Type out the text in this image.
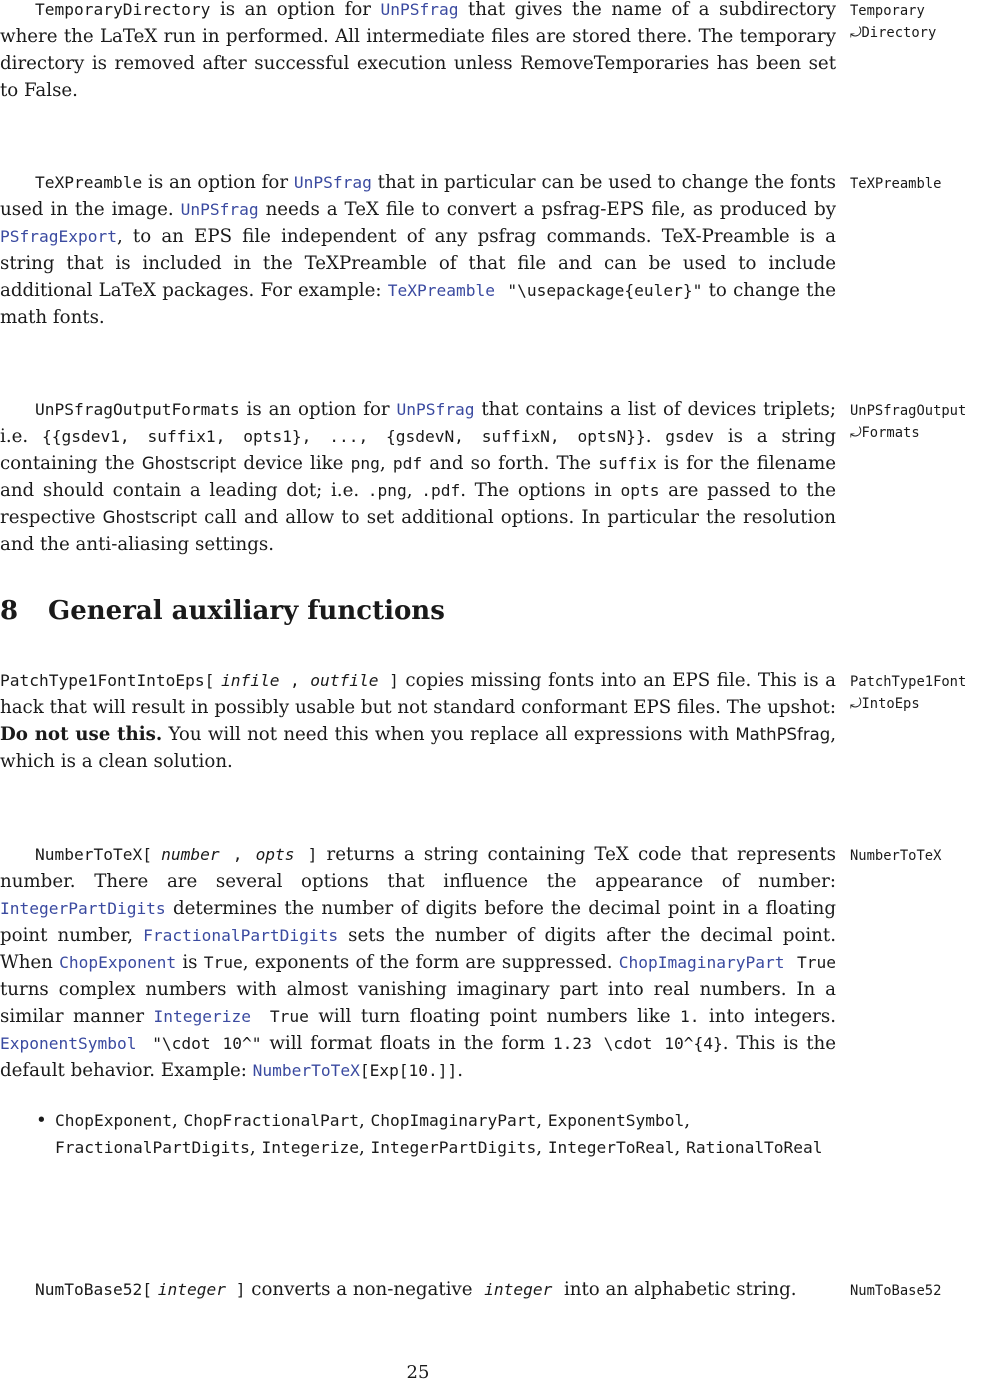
TemporaryDirectory is an option for UnPSfrag that gives the name of a subdirectory where the LaTeX run in performed. All intermediate files are stored there. The temporary directory is removed after successful execution unless RemoveTemporaries has been set to False.

Temporary
⤾Directory

TeXPreamble is an option for UnPSfrag that in particular can be used to change the fonts used in the image. UnPSfrag needs a TeX file to convert a psfrag-EPS file, as produced by PSfragExport, to an EPS file independent of any psfrag commands. TeX-Preamble is a string that is included in the TeXPreamble of that file and can be used to include additional LaTeX packages. For example: TeXPreamble "\usepackage{euler}" to change the math fonts.

TeXPreamble

UnPSfragOutputFormats is an option for UnPSfrag that contains a list of devices triplets; i.e. {{gsdev1, suffix1, opts1}, ..., {gsdevN, suffixN, optsN}}. gsdev is a string containing the Ghostscript device like png, pdf and so forth. The suffix is for the filename and should contain a leading dot; i.e. .png, .pdf. The options in opts are passed to the respective Ghostscript call and allow to set additional options. In particular the resolution and the anti-aliasing settings.

UnPSfragOutput
⤾Formats
8 General auxiliary functions

PatchType1FontIntoEps[ infile , outfile ] copies missing fonts into an EPS file. This is a hack that will result in possibly usable but not standard conformant EPS files. The upshot: Do not use this. You will not need this when you replace all expressions with MathPSfrag, which is a clean solution.

PatchType1Font
⤾IntoEps

NumberToTeX[ number , opts ] returns a string containing TeX code that represents number. There are several options that influence the appearance of number: IntegerPartDigits determines the number of digits before the decimal point in a floating point number, FractionalPartDigits sets the number of digits after the decimal point. When ChopExponent is True, exponents of the form are suppressed. ChopImaginaryPart True turns complex numbers with almost vanishing imaginary part into real numbers. In a similar manner Integerize True will turn floating point numbers like 1. into integers. ExponentSymbol "\cdot 10^" will format floats in the form 1.23 \cdot 10^{4}. This is the default behavior. Example: NumberToTeX[Exp[10.]].

NumberToTeX
• ChopExponent, ChopFractionalPart, ChopImaginaryPart, ExponentSymbol, FractionalPartDigits, Integerize, IntegerPartDigits, IntegerToReal, RationalToReal

NumToBase52[ integer ] converts a non-negative  integer  into an alphabetic string.	NumToBase52
25
